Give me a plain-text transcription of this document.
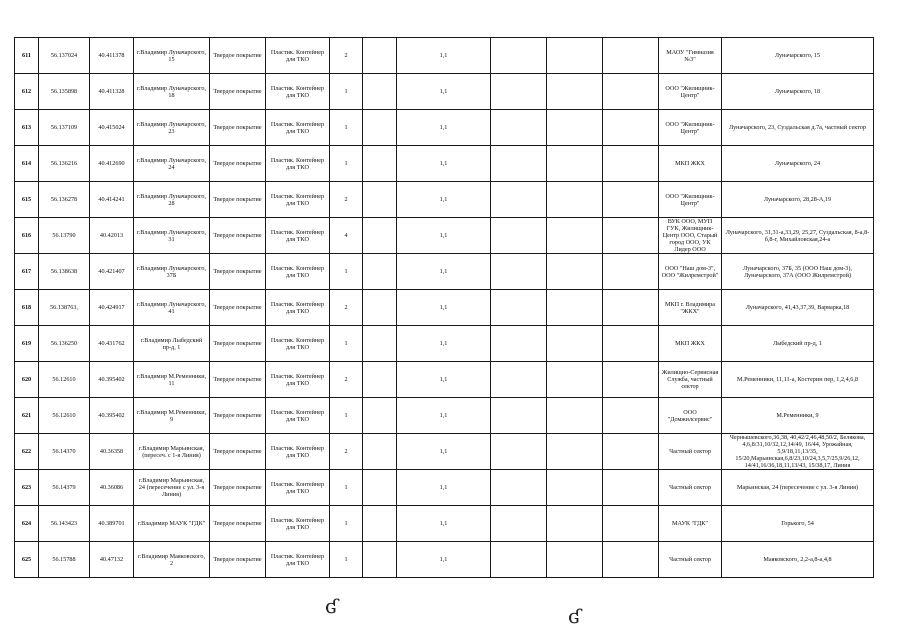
611	56.137024	40.411378	г.Владимир Луначарского, 15	Твердое покрытие	Пластик. Контейнер для ТКО	2		1,1				МАОУ "Гимназия №3"	Луначарского, 15
612	56.135898	40.411328	г.Владимир Луначарского, 18	Твердое покрытие	Пластик. Контейнер для ТКО	1		1,1				ООО "Жилищник-Центр"	Луначарского, 18
613	56.137109	40.415024	г.Владимир Луначарского, 23	Твердое покрытие	Пластик. Контейнер для ТКО	1		1,1				ООО "Жилищник-Центр"	Луначарского, 23, Суздальская д.7а, частный сектор
614	56.136216	40.412690	г.Владимир Луначарского, 24	Твердое покрытие	Пластик. Контейнер для ТКО	1		1,1				МКП ЖКХ	Луначарского, 24
615	56.136278	40.414241	г.Владимир Луначарского, 28	Твердое покрытие	Пластик. Контейнер для ТКО	2		1,1				ООО "Жилищник-Центр"	Луначарского, 28,28-А,19
616	56.13790	40.42013	г.Владимир Луначарского, 31	Твердое покрытие	Пластик. Контейнер для ТКО	4		1,1				ВУК ООО, МУП ГУК, Жилищник-Центр ООО, Старый город ООО, УК Лидер ООО	Луначарского, 31,31-а,33,29, 25,27, Суздальская, 8-а,8-б,8-г, Михайловская,24-а
617	56.138638	40.421407	г.Владимир Луначарского, 37Б	Твердое покрытие	Пластик. Контейнер для ТКО	1		1,1				ООО "Наш дом-3", ООО "Жилремстрой"	Луначарского, 37Б, 35 (ООО Наш дом-3), Луначарского, 37А (ООО Жилремстрой)
618	56.138763,	40.424917	г.Владимир Луначарского, 41	Твердое покрытие	Пластик. Контейнер для ТКО	2		1,1				МКП г. Владимира "ЖКХ"	Луначарского, 41,43,37,39, Варварка,18
619	56.136250	40.431762	г.Владимир Лыбедский пр-д, 1	Твердое покрытие	Пластик. Контейнер для ТКО	1		1,1				МКП ЖКХ	Лыбедский пр-д, 1
620	56.12610	40.395402	г.Владимир М.Ременники, 11	Твердое покрытие	Пластик. Контейнер для ТКО	2		1,1				Жилищно-Сервисная Служба, частный сектор	М.Ременники, 11,11-а, Костерин пер, 1,2,4,6,8
621	56.12610	40.395402	г.Владимир М.Ременники, 9	Твердое покрытие	Пластик. Контейнер для ТКО	1		1,1				ООО "Домжилсервис"	М.Ременники, 9
622	56.14370	40.36358	г.Владимир Марьинская, (пересеч. с 1-я Линия)	Твердое покрытие	Пластик. Контейнер для ТКО	2		1,1				Частный сектор	Чернышевского,36,38, 40,42/2,46,48,50/2, Белякова, 4,6,8/31,10/32,12,14/49, 16/44, Урожайная, 5,9/18,11,13/35, 15/20,Марьинская,6,8/23,10/24,3,5,7/25,9/26,12, 14/41,16/36,18,11,13/43, 15/38,17, Линия
623	56.14379	40.36086	г.Владимир Марьинская, 24 (пересечение с ул. 3-я Линия)	Твердое покрытие	Пластик. Контейнер для ТКО	1		1,1				Частный сектор	Марьинская, 24 (пересечение с ул. 3-я Линия)
624	56.143423	40.389701	г.Владимир МАУК "ГДК"	Твердое покрытие	Пластик. Контейнер для ТКО	1		1,1				МАУК "ГДК"	Горького, 54
625	56.15788	40.47132	г.Владимир Маяковского, 2	Твердое покрытие	Пластик. Контейнер для ТКО	1		1,1				Частный сектор	Маяковского, 2,2-а,8-а,4,8
ʛ	ʛ
